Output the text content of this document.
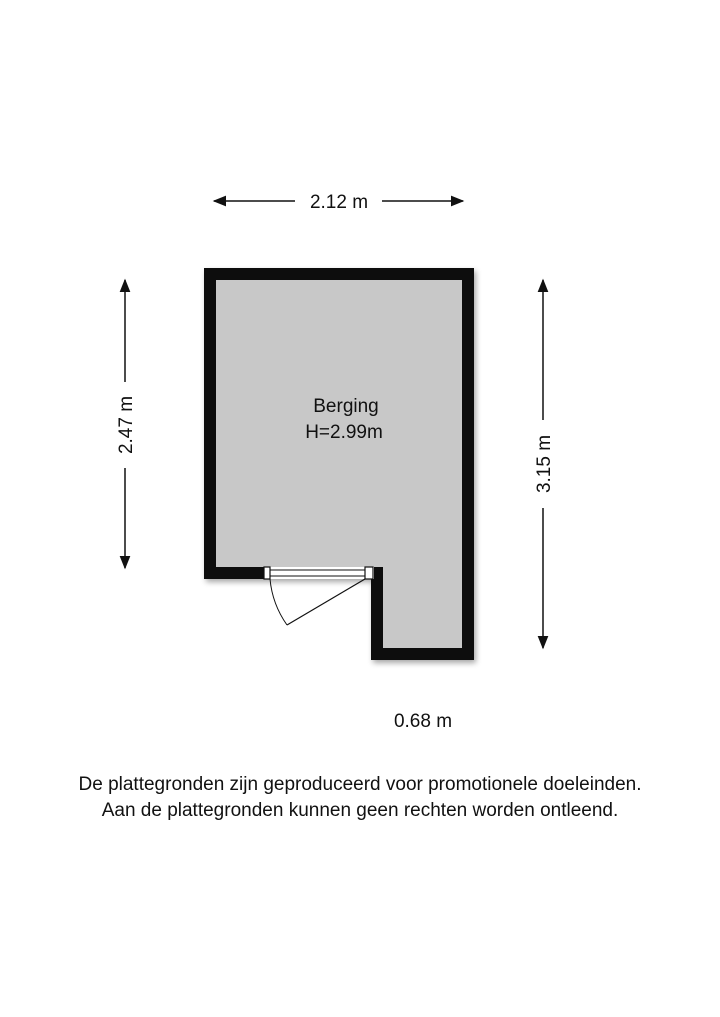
2.12 m
2.47 m
3.15 m
0.68 m
Berging
H=2.99m
De plattegronden zijn geproduceerd voor promotionele doeleinden.
Aan de plattegronden kunnen geen rechten worden ontleend.
